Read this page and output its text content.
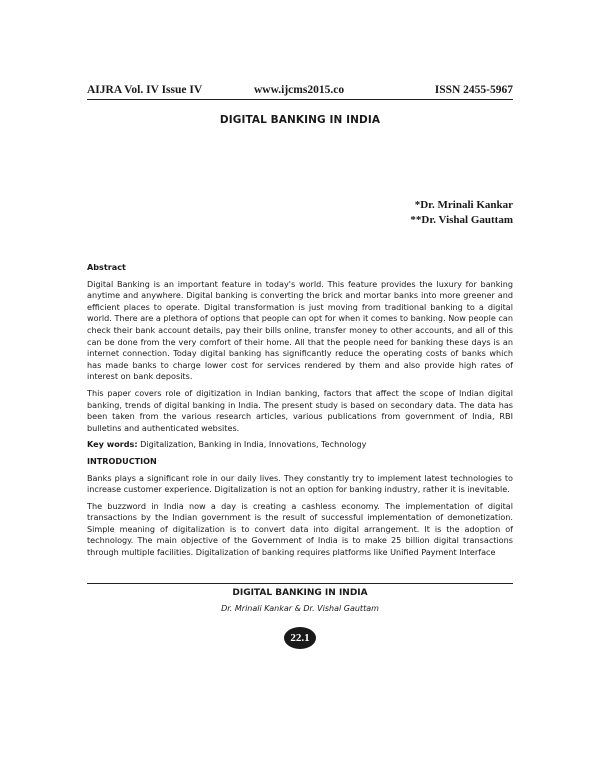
AIJRA Vol. IV Issue IV	www.ijcms2015.co	ISSN 2455-5967
DIGITAL BANKING IN INDIA
*Dr. Mrinali Kankar
**Dr. Vishal Gauttam

Abstract

Digital Banking is an important feature in today's world. This feature provides the luxury for banking anytime and anywhere. Digital banking is converting the brick and mortar banks into more greener and efficient places to operate. Digital transformation is just moving from traditional banking to a digital world. There are a plethora of options that people can opt for when it comes to banking. Now people can check their bank account details, pay their bills online, transfer money to other accounts, and all of this can be done from the very comfort of their home. All that the people need for banking these days is an internet connection. Today digital banking has significantly reduce the operating costs of banks which has made banks to charge lower cost for services rendered by them and also provide high rates of interest on bank deposits.

This paper covers role of digitization in Indian banking, factors that affect the scope of Indian digital banking, trends of digital banking in India. The present study is based on secondary data. The data has been taken from the various research articles, various publications from government of India, RBI bulletins and authenticated websites.

Key words: Digitalization, Banking in India, Innovations, Technology

INTRODUCTION

Banks plays a significant role in our daily lives. They constantly try to implement latest technologies to increase customer experience. Digitalization is not an option for banking industry, rather it is inevitable.

The buzzword in India now a day is creating a cashless economy. The implementation of digital transactions by the Indian government is the result of successful implementation of demonetization. Simple meaning of digitalization is to convert data into digital arrangement. It is the adoption of technology. The main objective of the Government of India is to make 25 billion digital transactions through multiple facilities. Digitalization of banking requires platforms like Unified Payment Interface

DIGITAL BANKING IN INDIA
Dr. Mrinali Kankar & Dr. Vishal Gauttam
22.1
